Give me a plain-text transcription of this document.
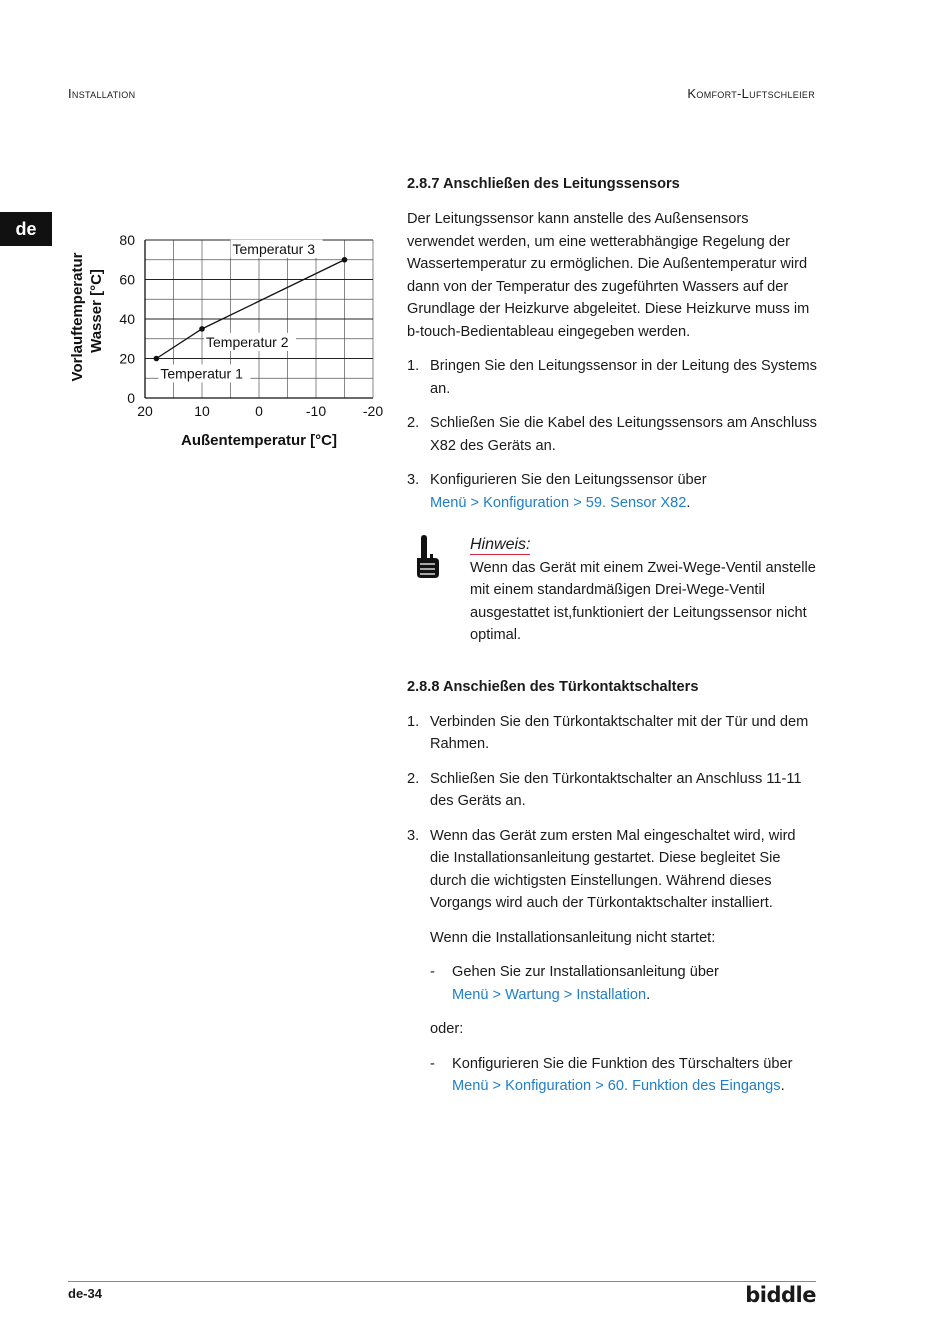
Installation	Komfort-Luftschleier
de
0
20
40
60
80
20	10	0	-10	-20
Außentemperatur [°C]
Vorlauftemperatur Wasser [°C]
Temperatur 1
Temperatur 2
Temperatur 3
2.8.7 Anschließen des Leitungssensors

Der Leitungssensor kann anstelle des Außensensors verwendet werden, um eine wetterabhängige Regelung der Wassertemperatur zu ermöglichen. Die Außentemperatur wird dann von der Temperatur des zugeführten Wassers auf der Grundlage der Heizkurve abgeleitet. Diese Heizkurve muss im b-touch-Bedientableau eingegeben werden.

1. Bringen Sie den Leitungssensor in der Leitung des Systems an.
2. Schließen Sie die Kabel des Leitungssensors am Anschluss X82 des Geräts an.
3. Konfigurieren Sie den Leitungssensor über
Menü > Konfiguration > 59. Sensor X82.
Hinweis:

Wenn das Gerät mit einem Zwei-Wege-Ventil anstelle mit einem standardmäßigen Drei-Wege-Ventil ausgestattet ist,funktioniert der Leitungssensor nicht optimal.

2.8.8 Anschießen des Türkontaktschalters
1. Verbinden Sie den Türkontaktschalter mit der Tür und dem Rahmen.
2. Schließen Sie den Türkontaktschalter an Anschluss 11-11 des Geräts an.
3. Wenn das Gerät zum ersten Mal eingeschaltet wird, wird die Installationsanleitung gestartet. Diese begleitet Sie durch die wichtigsten Einstellungen. Während dieses Vorgangs wird auch der Türkontaktschalter installiert.

Wenn die Installationsanleitung nicht startet:

- Gehen Sie zur Installationsanleitung über
Menü > Wartung > Installation.

oder:

- Konfigurieren Sie die Funktion des Türschalters über
Menü > Konfiguration > 60. Funktion des Eingangs.
de-34	biddle
